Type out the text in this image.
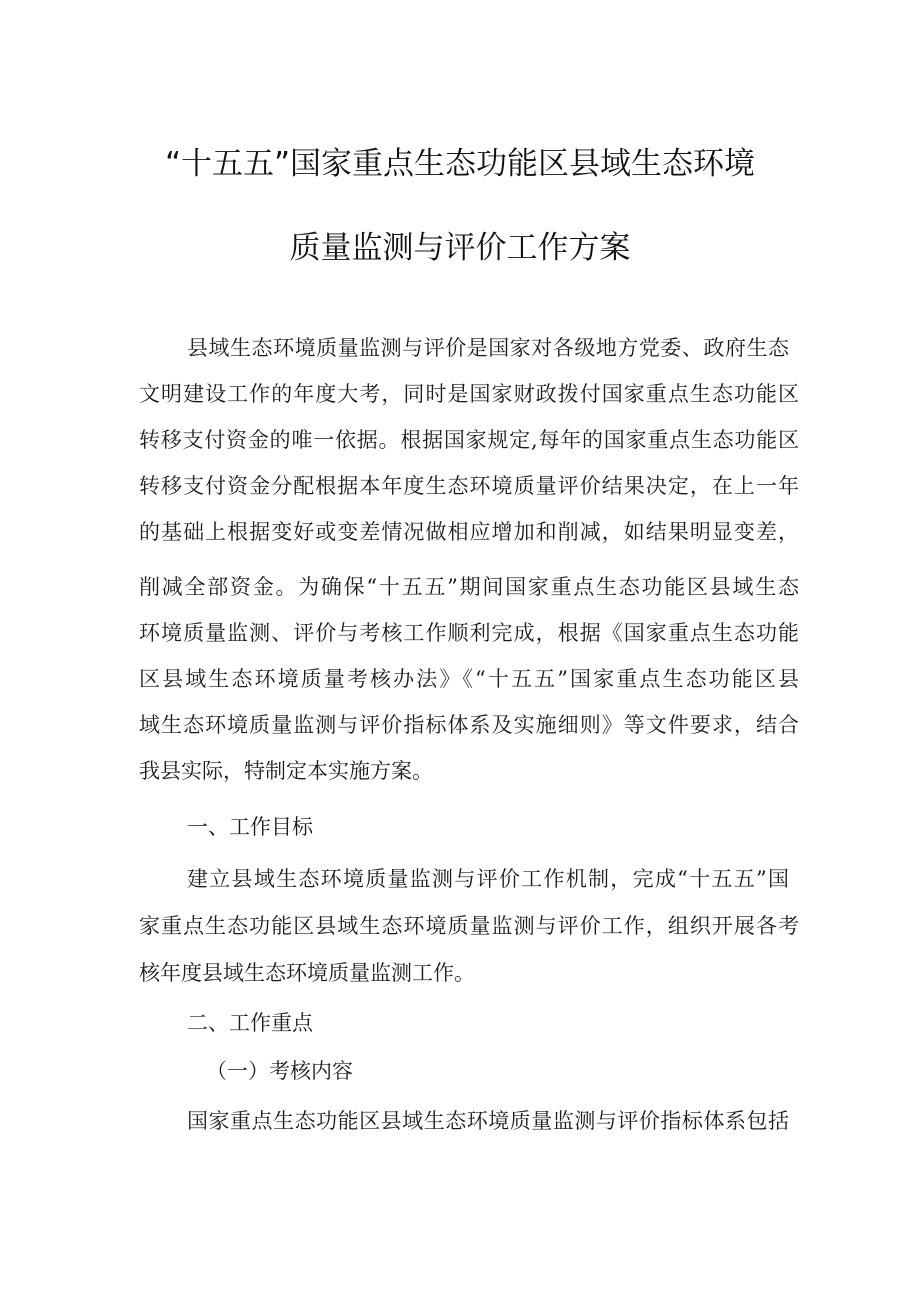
“十五五”国家重点生态功能区县域生态环境
质量监测与评价工作方案
县域生态环境质量监测与评价是国家对各级地方党委、政府生态
文明建设工作的年度大考，同时是国家财政拨付国家重点生态功能区
转移支付资金的唯一依据。根据国家规定,每年的国家重点生态功能区
转移支付资金分配根据本年度生态环境质量评价结果决定，在上一年
的基础上根据变好或变差情况做相应增加和削减，如结果明显变差，
削减全部资金。为确保“十五五”期间国家重点生态功能区县域生态
环境质量监测、评价与考核工作顺利完成，根据《国家重点生态功能
区县域生态环境质量考核办法》《“十五五”国家重点生态功能区县
域生态环境质量监测与评价指标体系及实施细则》等文件要求，结合
我县实际，特制定本实施方案。
一、工作目标
建立县域生态环境质量监测与评价工作机制，完成“十五五”国
家重点生态功能区县域生态环境质量监测与评价工作，组织开展各考
核年度县域生态环境质量监测工作。
二、工作重点
（一）考核内容
国家重点生态功能区县域生态环境质量监测与评价指标体系包括
